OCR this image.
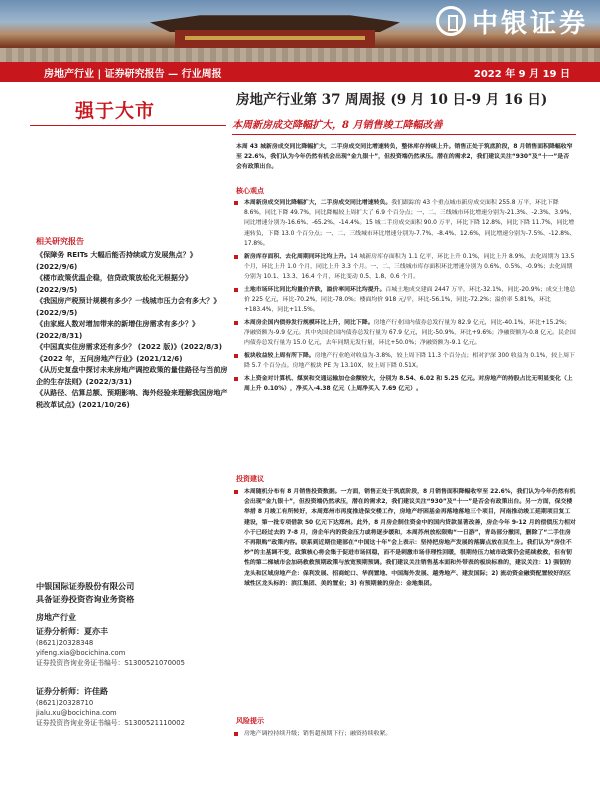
中银证券
房地产行业 | 证券研究报告 — 行业周报	2022 年 9 月 19 日
强于大市
相关研究报告
《保障务 REITs 大幅后能否持续或方发展焦点？》(2022/9/6)
《楼市政策优温企稳，信贷政策放松化无根据分》(2022/9/5)
《我国房产税预计规模有多少？一线城市压力会有多大？》(2022/9/5)
《由家庭人数对增加带来的新增住房需求有多少？》(2022/8/31)
《中国真实住房需求还有多少？ (2022 版)》(2022/8/3)
《2022 年，五问房地产行业》(2021/12/6)
《从历史复盘中探讨未来房地产调控政策的量佳路径与当前房企的生存法则》(2022/3/31)
《从路径、估算总额、预期影响、海外经验来理解我国房地产税改革试点》(2021/10/26)
中银国际证券股份有限公司
具备证券投资咨询业务资格
房地产行业
证券分析师：夏亦丰
(8621)20328348
yifeng.xia@bocichina.com
证券投资咨询业务证书编号：S1300521070005
证券分析师：许佳路
(8621)20328710
jialu.xu@bocichina.com
证券投资咨询业务证书编号：S1300521110002
房地产行业第 37 周周报 (9 月 10 日-9 月 16 日)
本周新房成交降幅扩大，8 月销售竣工降幅改善
本周 43 城新房成交同比降幅扩大，二手房成交同比增速转负，整体库存持续上升。销售正处于筑底阶段，8 月销售面积降幅收窄至 22.6%，我们认为今年仍然有机会出现“金九银十”，但投资端仍然承压。潜在的需求2，我们建议关注“930”及“十一”是否会有政策出台。
核心观点
本周新房成交同比降幅扩大，二手房成交同比增速转负。我们跟踪的 43 个重点城市新房成交面积 255.8 万平，环比下降 8.6%，同比下降 49.7%，同比降幅较上周扩大了 6.9 个百分点；一、二、三线城市环比增速分别为-21.3%、-2.3%、3.9%，同比增速分别为-16.6%、-65.2%、-14.4%。15 城二手房成交面积 90.0 万平，环比下降 12.8%，同比下降 11.7%，同比增速转负，下降 13.0 个百分点；一、二、三线城市环比增速分别为-7.7%、-8.4%、12.6%，同比增速分别为-7.5%、-12.8%、17.8%。
新房库存面积、去化周期同环比均上升。14 城新房库存面积为 1.1 亿平，环比上升 0.1%，同比上升 8.9%，去化周期为 13.5 个月，环比上升 1.0 个月，同比上升 3.3 个月。一、二、三线城市库存面积环比增速分别为 0.6%、0.5%、-0.9%；去化周期分别为 10.1、13.3、16.4 个月，环比变动 0.5、1.8、0.6 个月。
土地市场环比同比均量价齐跌，溢价率同环比均提升。百城土地成交建面 2447 万平，环比-32.1%，同比-20.9%；成交土地总价 225 亿元，环比-70.2%，同比-78.0%；楼面均价 918 元/平，环比-56.1%，同比-72.2%；溢价率 5.81%，环比+183.4%，同比+11.5%。
本周房企国内债券发行规模环比上升，同比下降。房地产行业国内债券总发行量为 82.9 亿元，同比-40.1%，环比+15.2%；净融资额为-9.9 亿元。其中央国企国内债券总发行量为 67.9 亿元，同比-50.9%，环比+9.6%；净融资额为-0.8 亿元。民企国内债券总发行量为 15.0 亿元，去年同期无发行量，环比+50.0%；净融资额为-9.1 亿元。
板块收益较上周有所下降。房地产行业绝对收益为-3.8%，较上周下降 11.3 个百分点；相对沪深 300 收益为 0.1%，较上周下降 5.7 个百分点。房地产板块 PE 为 13.10X，较上周下降 0.51X。
本上资金对计算机、煤炭和交通运输加仓金额较大，分别为 8.54、6.02 和 5.25 亿元。对房地产的持股占比无明显变化（上周上升 0.10%），净买入-4.38 亿元（上周净买入 7.69 亿元）。
投资建议
本周随机分布有 8 月销售投资数据。一方面，销售正处于筑底阶段，8 月销售面积降幅收窄至 22.6%，我们认为今年仍然有机会出现“金九银十”，但投资端仍然承压，潜在的需求2，我们建议关注“930”及“十一”是否会有政策出台。另一方面，保交楼举措 8 月竣工有所转好，本周郑州市再度推进保交楼工作，房地产纾困基金再落地落地三个项目，河南推动竣工延期项目复工建设，第一批专项借款 50 亿元下达郑州。此外，8 月房企制住资金中的国内贷款显著改善，房企今年 9-12 月的偿债压力相对小于已经过去的 7-8 月，房企年内的资金压力或将逐步缓和，本周苏州放松限购“一日游”，青岛部分撤回，删除了“二手住房不再限购”政策内容。联系到近期住建部在“中国这十年”会上表示：坚持把房地产发展的落脚点放在民生上。我们认为“房住不炒”的主基调不变，政策核心将会集于促进市场回稳，而不是刺激市场非理性回暖，很期待压力城市政策仍会延续救救，但有韧性的第二梯城市会加码救救预期政策与放宽预期预调。我们建议关注销售基本面和外带表的板块标准的，建议关注：1) 强韧的龙头和区域房地产企：保利发展、招商蛇口、华润置地、中国海外发展、越秀地产、建发国际；2) 流动资金融资配置较好的区域性区龙头标的：滨江集团、美的置业；3) 有预期兼的房企：金地集团。
风险提示
房地产调控持续升级；销售超预期下行；融资持续收紧。
